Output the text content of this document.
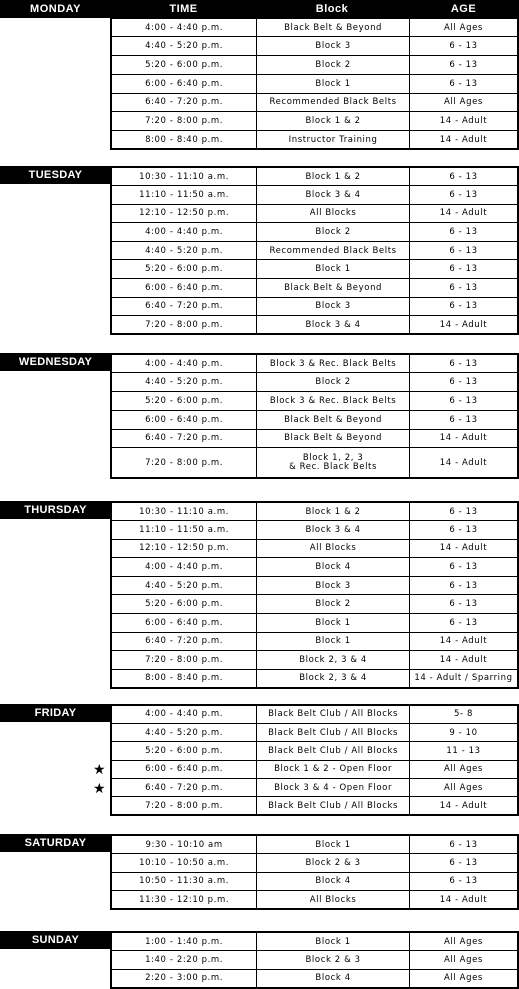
MONDAY	TIME	Block	AGE
4:00 - 4:40 p.m.	Black Belt & Beyond	All Ages
4:40 - 5:20 p.m.	Block 3	6 - 13
5:20 - 6:00 p.m.	Block 2	6 - 13
6:00 - 6:40 p.m.	Block 1	6 - 13
6:40 - 7:20 p.m.	Recommended Black Belts	All Ages
7:20 - 8:00 p.m.	Block 1 & 2	14 - Adult
8:00 - 8:40 p.m.	Instructor Training	14 - Adult
TUESDAY	10:30 - 11:10 a.m.	Block 1 & 2	6 - 13
11:10 - 11:50 a.m.	Block 3 & 4	6 - 13
12:10 - 12:50 p.m.	All Blocks	14 - Adult
4:00 - 4:40 p.m.	Block 2	6 - 13
4:40 - 5:20 p.m.	Recommended Black Belts	6 - 13
5:20 - 6:00 p.m.	Block 1	6 - 13
6:00 - 6:40 p.m.	Black Belt & Beyond	6 - 13
6:40 - 7:20 p.m.	Block 3	6 - 13
7:20 - 8:00 p.m.	Block 3 & 4	14 - Adult
WEDNESDAY	4:00 - 4:40 p.m.	Block 3 & Rec. Black Belts	6 - 13
4:40 - 5:20 p.m.	Block 2	6 - 13
5:20 - 6:00 p.m.	Block 3 & Rec. Black Belts	6 - 13
6:00 - 6:40 p.m.	Black Belt & Beyond	6 - 13
6:40 - 7:20 p.m.	Black Belt & Beyond	14 - Adult
7:20 - 8:00 p.m.	Block 1, 2, 3
& Rec. Black Belts	14 - Adult
THURSDAY	10:30 - 11:10 a.m.	Block 1 & 2	6 - 13
11:10 - 11:50 a.m.	Block 3 & 4	6 - 13
12:10 - 12:50 p.m.	All Blocks	14 - Adult
4:00 - 4:40 p.m.	Block 4	6 - 13
4:40 - 5:20 p.m.	Block 3	6 - 13
5:20 - 6:00 p.m.	Block 2	6 - 13
6:00 - 6:40 p.m.	Block 1	6 - 13
6:40 - 7:20 p.m.	Block 1	14 - Adult
7:20 - 8:00 p.m.	Block 2, 3 & 4	14 - Adult
8:00 - 8:40 p.m.	Block 2, 3 & 4	14 - Adult / Sparring
FRIDAY
★
★
4:00 - 4:40 p.m.	Black Belt Club / All Blocks	5- 8
4:40 - 5:20 p.m.	Black Belt Club / All Blocks	9 - 10
5:20 - 6:00 p.m.	Black Belt Club / All Blocks	11 - 13
6:00 - 6:40 p.m.	Block 1 & 2 - Open Floor	All Ages
6:40 - 7:20 p.m.	Block 3 & 4 - Open Floor	All Ages
7:20 - 8:00 p.m.	Black Belt Club / All Blocks	14 - Adult
SATURDAY	9:30 - 10:10 am	Block 1	6 - 13
10:10 - 10:50 a.m.	Block 2 & 3	6 - 13
10:50 - 11:30 a.m.	Block 4	6 - 13
11:30 - 12:10 p.m.	All Blocks	14 - Adult
SUNDAY	1:00 - 1:40 p.m.	Block 1	All Ages
1:40 - 2:20 p.m.	Block 2 & 3	All Ages
2:20 - 3:00 p.m.	Block 4	All Ages
